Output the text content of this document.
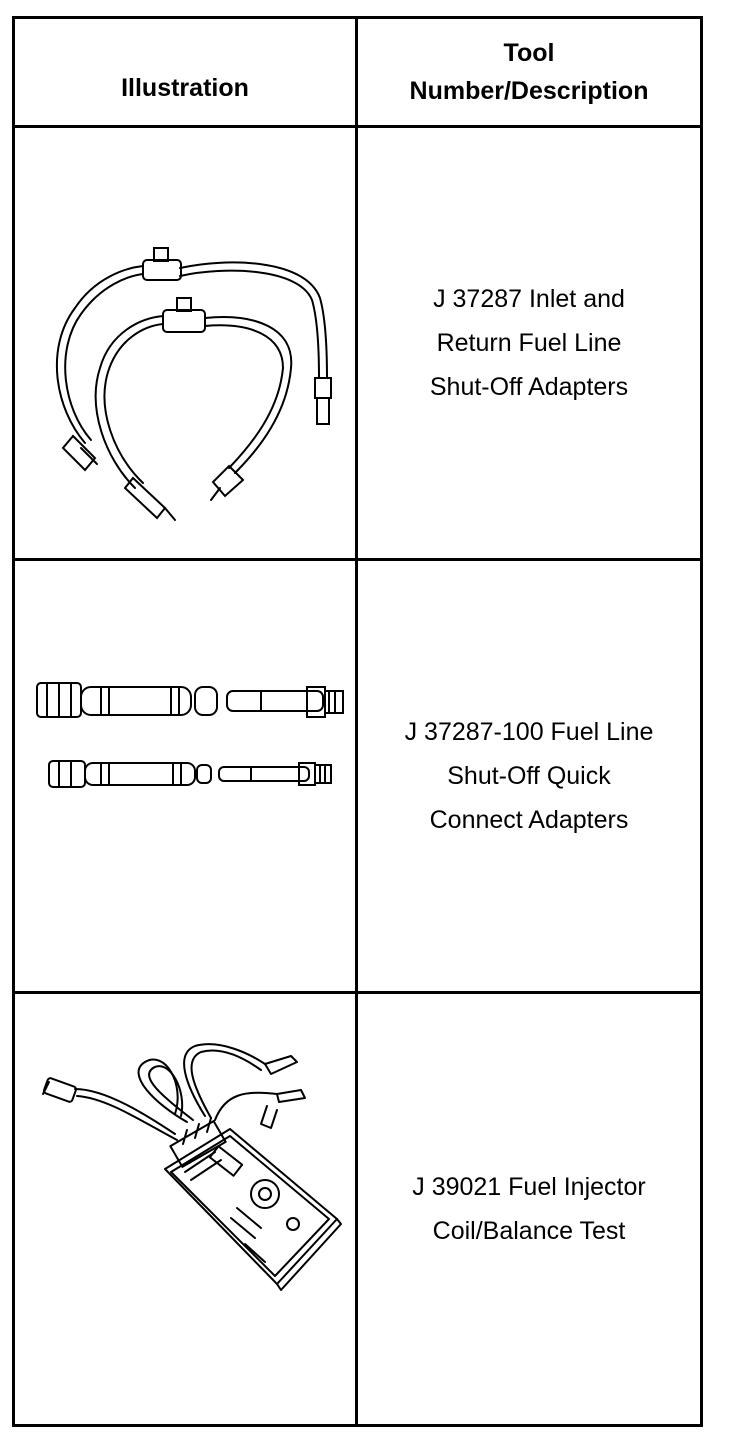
Illustration	Tool
Number/Description

	J 37287 Inlet and
Return Fuel Line
Shut-Off Adapters

	J 37287-100 Fuel Line
Shut-Off Quick
Connect Adapters

	J 39021 Fuel Injector
Coil/Balance Test
